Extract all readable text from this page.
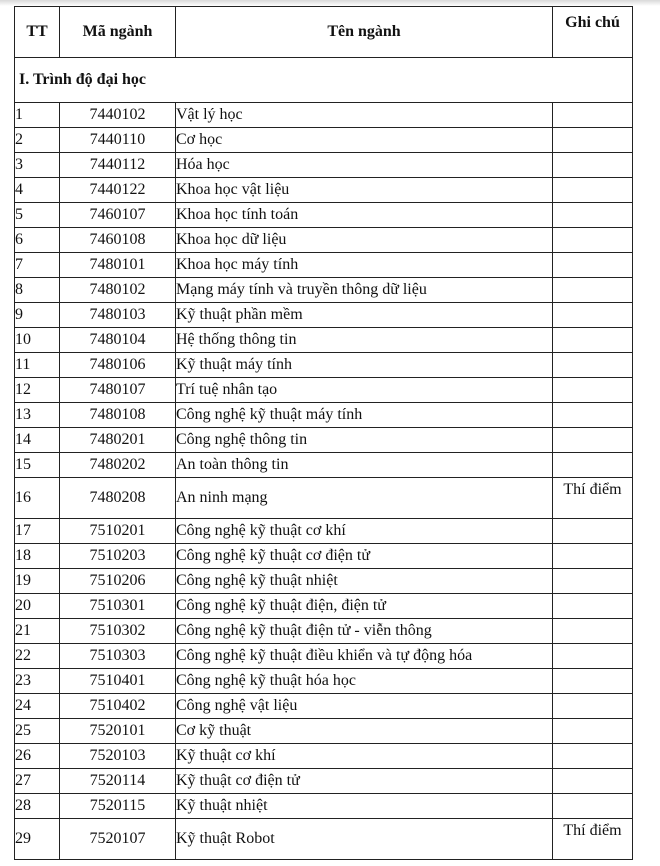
TT	Mã ngành	Tên ngành	Ghi chú
I. Trình độ đại học			
1	7440102	Vật lý học	
2	7440110	Cơ học	
3	7440112	Hóa học	
4	7440122	Khoa học vật liệu	
5	7460107	Khoa học tính toán	
6	7460108	Khoa học dữ liệu	
7	7480101	Khoa học máy tính	
8	7480102	Mạng máy tính và truyền thông dữ liệu	
9	7480103	Kỹ thuật phần mềm	
10	7480104	Hệ thống thông tin	
11	7480106	Kỹ thuật máy tính	
12	7480107	Trí tuệ nhân tạo	
13	7480108	Công nghệ kỹ thuật máy tính	
14	7480201	Công nghệ thông tin	
15	7480202	An toàn thông tin	
16	7480208	An ninh mạng	Thí điểm
17	7510201	Công nghệ kỹ thuật cơ khí	
18	7510203	Công nghệ kỹ thuật cơ điện tử	
19	7510206	Công nghệ kỹ thuật nhiệt	
20	7510301	Công nghệ kỹ thuật điện, điện tử	
21	7510302	Công nghệ kỹ thuật điện tử - viễn thông	
22	7510303	Công nghệ kỹ thuật điều khiển và tự động hóa	
23	7510401	Công nghệ kỹ thuật hóa học	
24	7510402	Công nghệ vật liệu	
25	7520101	Cơ kỹ thuật	
26	7520103	Kỹ thuật cơ khí	
27	7520114	Kỹ thuật cơ điện tử	
28	7520115	Kỹ thuật nhiệt	
29	7520107	Kỹ thuật Robot	Thí điểm
